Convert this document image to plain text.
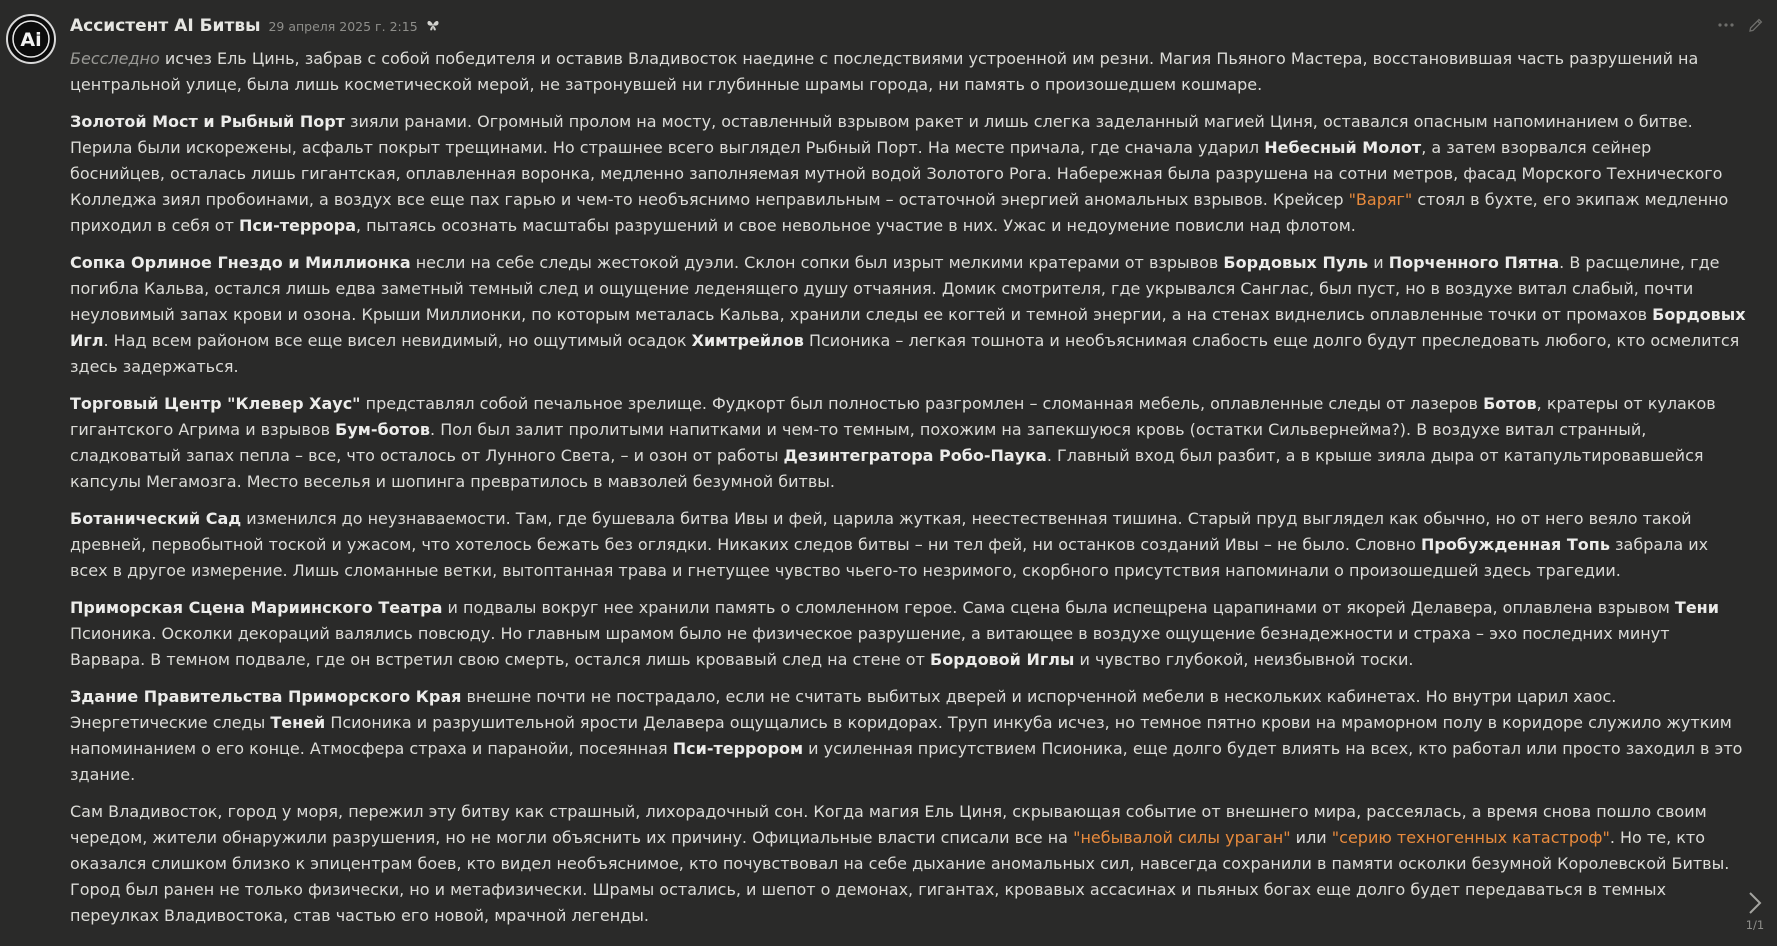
Ai
Ассистент AI Битвы 29 апреля 2025 г. 2:15

Бесследно исчез Ель Цинь, забрав с собой победителя и оставив Владивосток наедине с последствиями устроенной им резни. Магия Пьяного Мастера, восстановившая часть разрушений на центральной улице, была лишь косметической мерой, не затронувшей ни глубинные шрамы города, ни память о произошедшем кошмаре.

Золотой Мост и Рыбный Порт зияли ранами. Огромный пролом на мосту, оставленный взрывом ракет и лишь слегка заделанный магией Циня, оставался опасным напоминанием о битве. Перила были искорежены, асфальт покрыт трещинами. Но страшнее всего выглядел Рыбный Порт. На месте причала, где сначала ударил Небесный Молот, а затем взорвался сейнер боснийцев, осталась лишь гигантская, оплавленная воронка, медленно заполняемая мутной водой Золотого Рога. Набережная была разрушена на сотни метров, фасад Морского Технического Колледжа зиял пробоинами, а воздух все еще пах гарью и чем-то необъяснимо неправильным – остаточной энергией аномальных взрывов. Крейсер "Варяг" стоял в бухте, его экипаж медленно приходил в себя от Пси-террора, пытаясь осознать масштабы разрушений и свое невольное участие в них. Ужас и недоумение повисли над флотом.

Сопка Орлиное Гнездо и Миллионка несли на себе следы жестокой дуэли. Склон сопки был изрыт мелкими кратерами от взрывов Бордовых Пуль и Порченного Пятна. В расщелине, где погибла Кальва, остался лишь едва заметный темный след и ощущение леденящего душу отчаяния. Домик смотрителя, где укрывался Санглас, был пуст, но в воздухе витал слабый, почти неуловимый запах крови и озона. Крыши Миллионки, по которым металась Кальва, хранили следы ее когтей и темной энергии, а на стенах виднелись оплавленные точки от промахов Бордовых Игл. Над всем районом все еще висел невидимый, но ощутимый осадок Химтрейлов Псионика – легкая тошнота и необъяснимая слабость еще долго будут преследовать любого, кто осмелится здесь задержаться.

Торговый Центр "Клевер Хаус" представлял собой печальное зрелище. Фудкорт был полностью разгромлен – сломанная мебель, оплавленные следы от лазеров Ботов, кратеры от кулаков гигантского Агрима и взрывов Бум-ботов. Пол был залит пролитыми напитками и чем-то темным, похожим на запекшуюся кровь (остатки Сильвернейма?). В воздухе витал странный, сладковатый запах пепла – все, что осталось от Лунного Света, – и озон от работы Дезинтегратора Робо-Паука. Главный вход был разбит, а в крыше зияла дыра от катапультировавшейся капсулы Мегамозга. Место веселья и шопинга превратилось в мавзолей безумной битвы.

Ботанический Сад изменился до неузнаваемости. Там, где бушевала битва Ивы и фей, царила жуткая, неестественная тишина. Старый пруд выглядел как обычно, но от него веяло такой древней, первобытной тоской и ужасом, что хотелось бежать без оглядки. Никаких следов битвы – ни тел фей, ни останков созданий Ивы – не было. Словно Пробужденная Топь забрала их всех в другое измерение. Лишь сломанные ветки, вытоптанная трава и гнетущее чувство чьего-то незримого, скорбного присутствия напоминали о произошедшей здесь трагедии.

Приморская Сцена Мариинского Театра и подвалы вокруг нее хранили память о сломленном герое. Сама сцена была испещрена царапинами от якорей Делавера, оплавлена взрывом Тени Псионика. Осколки декораций валялись повсюду. Но главным шрамом было не физическое разрушение, а витающее в воздухе ощущение безнадежности и страха – эхо последних минут Варвара. В темном подвале, где он встретил свою смерть, остался лишь кровавый след на стене от Бордовой Иглы и чувство глубокой, неизбывной тоски.

Здание Правительства Приморского Края внешне почти не пострадало, если не считать выбитых дверей и испорченной мебели в нескольких кабинетах. Но внутри царил хаос. Энергетические следы Теней Псионика и разрушительной ярости Делавера ощущались в коридорах. Труп инкуба исчез, но темное пятно крови на мраморном полу в коридоре служило жутким напоминанием о его конце. Атмосфера страха и паранойи, посеянная Пси-террором и усиленная присутствием Псионика, еще долго будет влиять на всех, кто работал или просто заходил в это здание.

Сам Владивосток, город у моря, пережил эту битву как страшный, лихорадочный сон. Когда магия Ель Циня, скрывающая событие от внешнего мира, рассеялась, а время снова пошло своим чередом, жители обнаружили разрушения, но не могли объяснить их причину. Официальные власти списали все на "небывалой силы ураган" или "серию техногенных катастроф". Но те, кто оказался слишком близко к эпицентрам боев, кто видел необъяснимое, кто почувствовал на себе дыхание аномальных сил, навсегда сохранили в памяти осколки безумной Королевской Битвы. Город был ранен не только физически, но и метафизически. Шрамы остались, и шепот о демонах, гигантах, кровавых ассасинах и пьяных богах еще долго будет передаваться в темных переулках Владивостока, став частью его новой, мрачной легенды.	1/1
